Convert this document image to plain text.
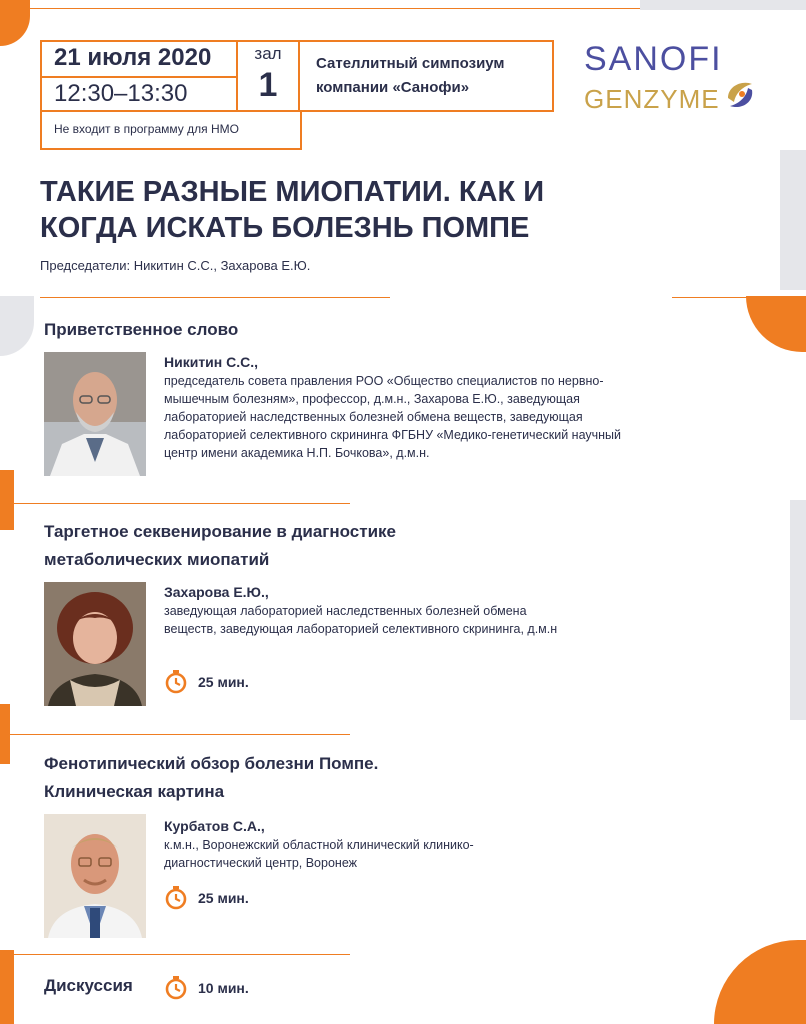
21 июля 2020
12:30–13:30
зал
1
Сателлитный симпозиум компании «Санофи»
Не входит в программу для НМО
SANOFI
GENZYME
ТАКИЕ РАЗНЫЕ МИОПАТИИ. КАК И КОГДА ИСКАТЬ БОЛЕЗНЬ ПОМПЕ
Председатели: Никитин С.С., Захарова Е.Ю.
Приветственное слово
Никитин С.С.,
председатель совета правления РОО «Общество специалистов по нервно-мышечным болезням», профессор, д.м.н., Захарова Е.Ю., заведующая лабораторией наследственных болезней обмена веществ, заведующая лабораторией селективного скрининга ФГБНУ «Медико-генетический научный центр имени академика Н.П. Бочкова», д.м.н.
Таргетное секвенирование в диагностике метаболических миопатий
Захарова Е.Ю.,
заведующая лабораторией наследственных болезней обмена веществ, заведующая лабораторией селективного скрининга, д.м.н
25 мин.
Фенотипический обзор болезни Помпе. Клиническая картина
Курбатов С.А.,
к.м.н., Воронежский областной клинический клинико-диагностический центр, Воронеж
25 мин.
Дискуссия	10 мин.
